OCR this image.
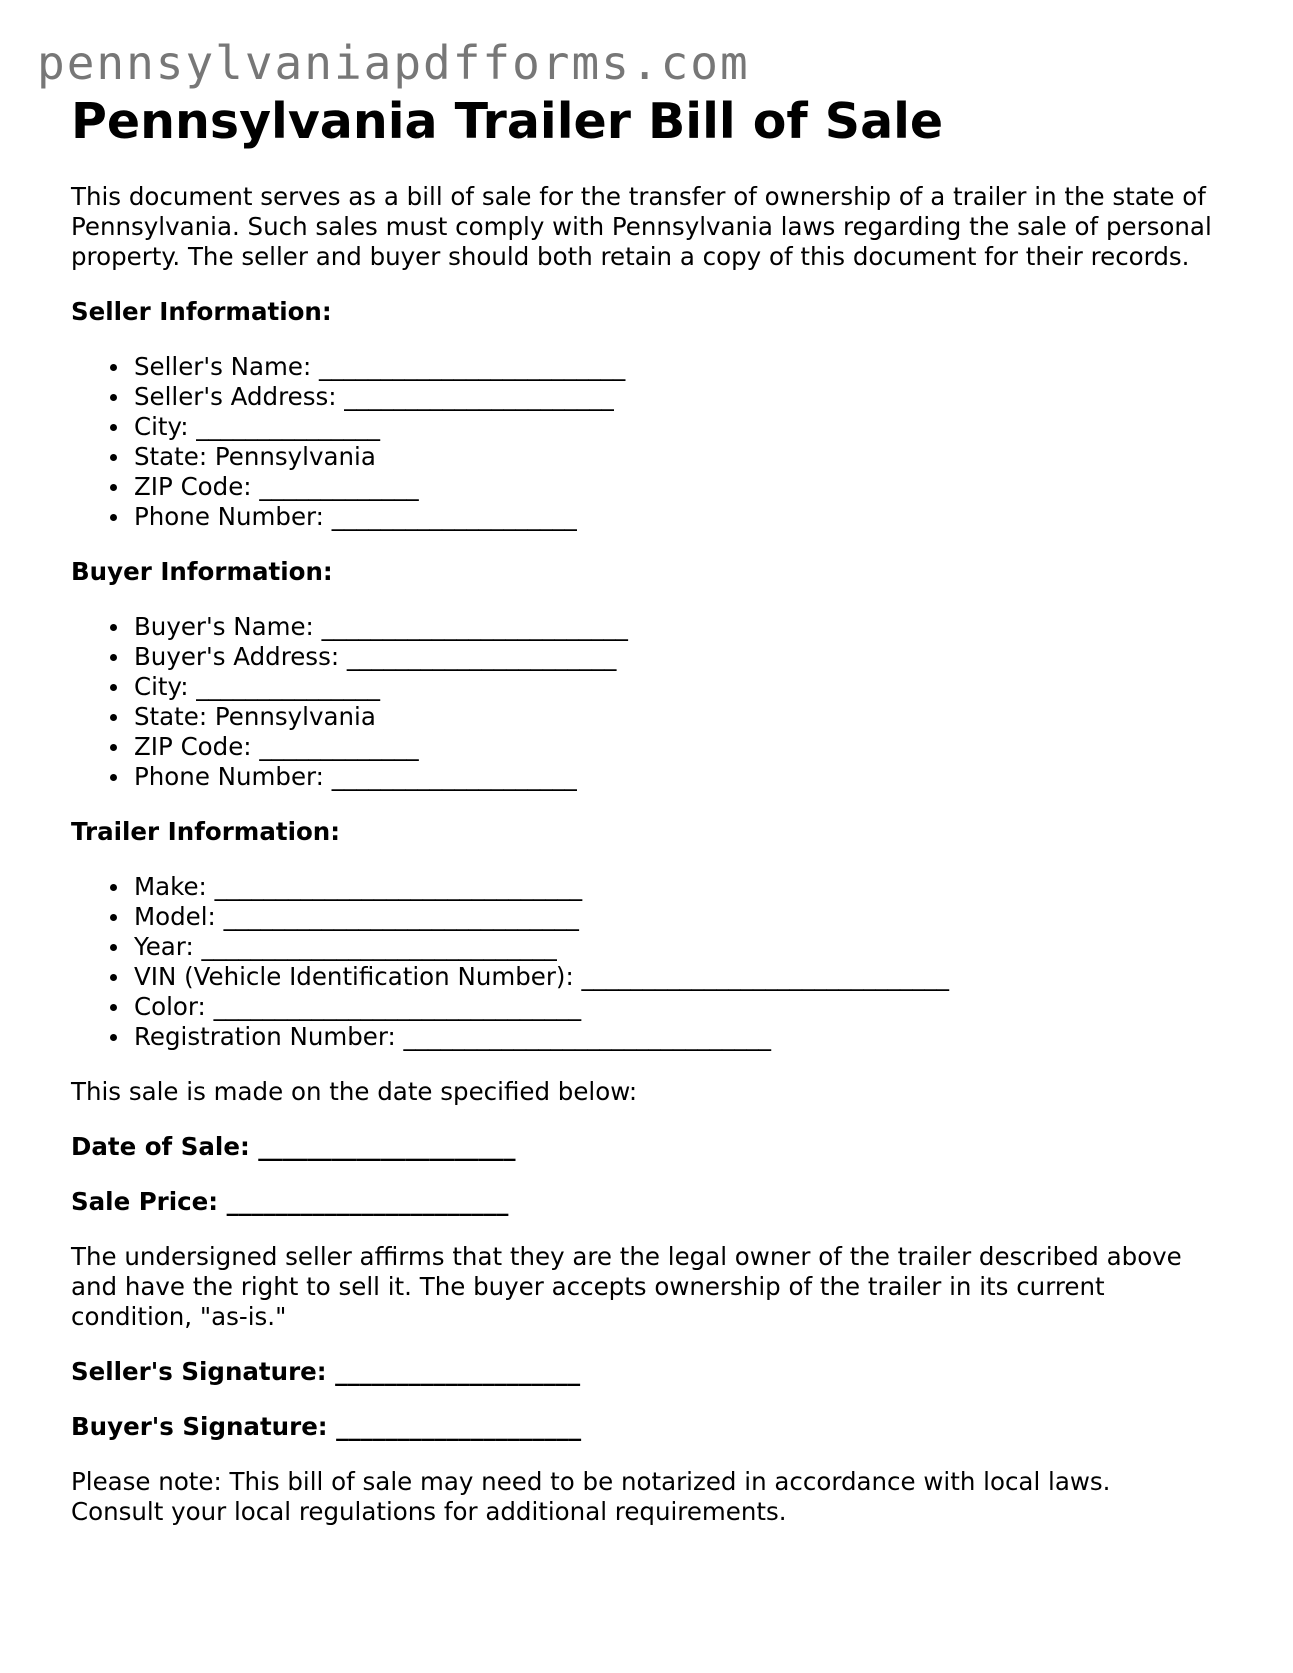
pennsylvaniapdfforms.com
Pennsylvania Trailer Bill of Sale

This document serves as a bill of sale for the transfer of ownership of a trailer in the state of Pennsylvania. Such sales must comply with Pennsylvania laws regarding the sale of personal property. The seller and buyer should both retain a copy of this document for their records.

Seller Information:

Seller's Name: _________________________
Seller's Address: ______________________
City: _______________
State: Pennsylvania
ZIP Code: _____________
Phone Number: ____________________

Buyer Information:

Buyer's Name: _________________________
Buyer's Address: ______________________
City: _______________
State: Pennsylvania
ZIP Code: _____________
Phone Number: ____________________

Trailer Information:

Make: ______________________________
Model: _____________________________
Year: _____________________________
VIN (Vehicle Identification Number): ______________________________
Color: ______________________________
Registration Number: ______________________________

This sale is made on the date specified below:

Date of Sale: _____________________

Sale Price: _______________________

The undersigned seller affirms that they are the legal owner of the trailer described above and have the right to sell it. The buyer accepts ownership of the trailer in its current condition, "as-is."

Seller's Signature: ____________________

Buyer's Signature: ____________________

Please note: This bill of sale may need to be notarized in accordance with local laws.

Consult your local regulations for additional requirements.
